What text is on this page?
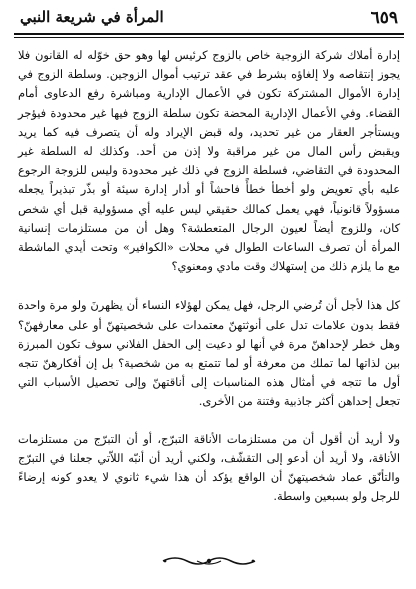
٦٥٩
المرأة في شريعة النبي

إدارة أملاك شركة الزوجية خاص بالزوج كرئيس لها وهو حق خوّله له القانون فلا يجوز إنتقاصه ولا إلغاؤه بشرط في عقد ترتيب أموال الزوجين. وسلطة الزوج في إدارة الأموال المشتركة تكون في الأعمال الإدارية ومباشرة رفع الدعاوى أمام القضاء. وفي الأعمال الإدارية المحضة تكون سلطة الزوج فيها غير محدودة فيؤجر ويستأجر العقار من غير تحديد، وله قبض الإيراد وله أن يتصرف فيه كما يريد ويقبض رأس المال من غير مراقبة ولا إذن من أحد. وكذلك له السلطة غير المحدودة في التقاضي، فسلطة الزوج في ذلك غير محدودة وليس للزوجة الرجوع عليه بأي تعويض ولو أخطأ خطأً فاحشاً أو أدار إدارة سيئة أو بذّر تبذيراً يجعله مسؤولاً قانونياً، فهي يعمل كمالك حقيقي ليس عليه أي مسؤولية قبل أي شخص كان، وللزوج أيضاً لعيون الرجال المتعطشة؟ وهل أن من مستلزمات إنسانية المرأة أن تصرف الساعات الطوال في محلات «الكوافير» وتحت أيدي الماشطة مع ما يلزم ذلك من إستهلاك وقت مادي ومعنوي؟

كل هذا لأجل أن تُرضي الرجل، فهل يمكن لهؤلاء النساء أن يظهرنَ ولو مرة واحدة فقط بدون علامات تدل على أنوثتهنّ معتمدات على شخصيتهنّ أو على معارفهنّ؟ وهل خطر لإحداهنّ مرة في أنها لو دعيت إلى الحفل الفلاني سوف تكون المبرزة بين لذاتها لما تملك من معرفة أو لما تتمتع به من شخصية؟ بل إن أفكارهنّ تتجه أول ما تتجه في أمثال هذه المناسبات إلى أناقتهنّ وإلى تحصيل الأسباب التي تجعل إحداهن أكثر جاذبية وفتنة من الأخرى.

ولا أريد أن أقول أن من مستلزمات الأناقة التبرّج، أو أن التبرّج من مستلزمات الأناقة، ولا أريد أن أدعو إلى التقشّف، ولكني أريد أن أنبّه اللاّتي جعلنا في التبرّج والتأنّق عماد شخصيتهنّ أن الواقع يؤكد أن هذا شيء ثانوي لا يعدو كونه إرضاءً للرجل ولو بسبعين واسطة.
